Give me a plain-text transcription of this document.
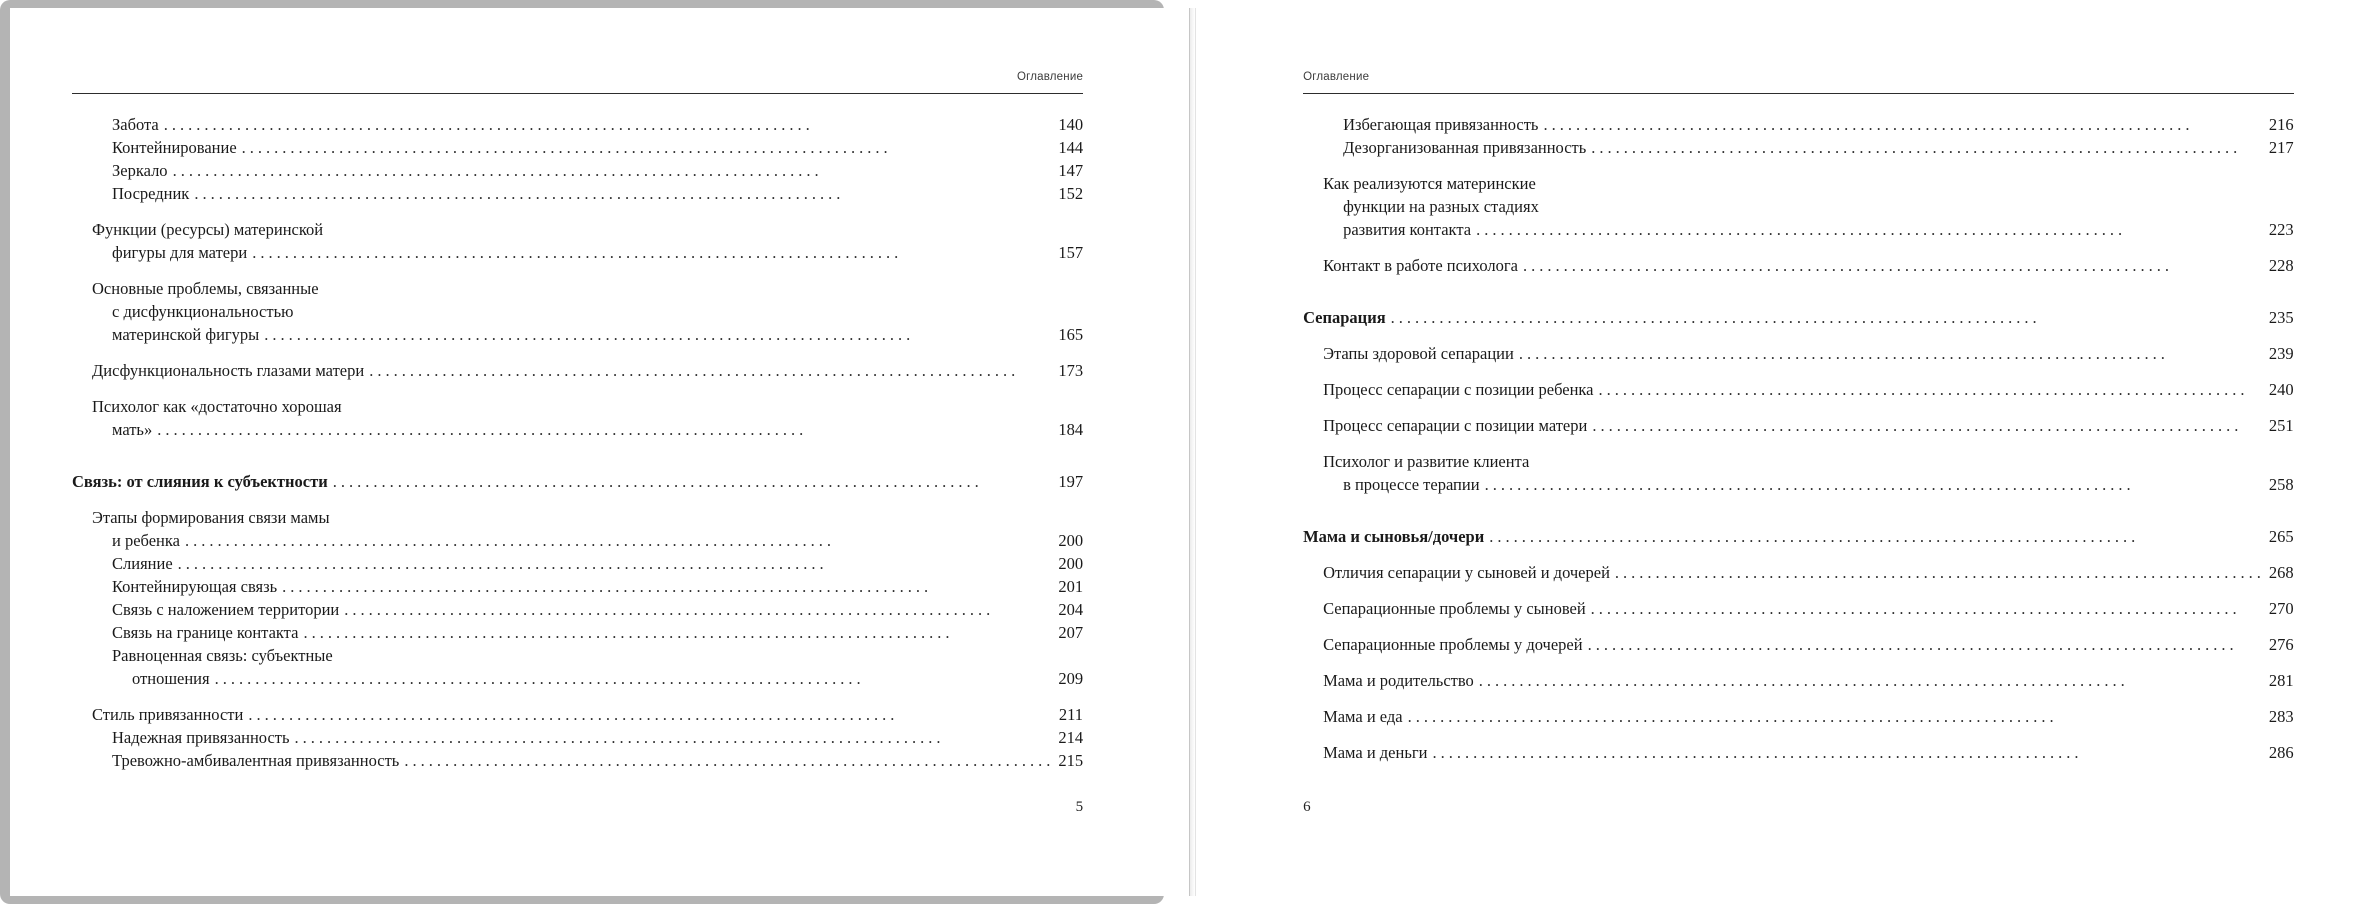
Оглавление
Забота .....	140
Контейнирование .....	144
Зеркало .....	147
Посредник .....	152
Функции (ресурсы) материнской
фигуры для матери .....	157
Основные проблемы, связанные
с дисфункциональностью
материнской фигуры .....	165
Дисфункциональность глазами матери .....	173
Психолог как «достаточно хорошая
мать» .....	184
Связь: от слияния к субъектности .....	197
Этапы формирования связи мамы
и ребенка .....	200
Слияние .....	200
Контейнирующая связь .....	201
Связь с наложением территории .....	204
Связь на границе контакта .....	207
Равноценная связь: субъектные
отношения .....	209
Стиль привязанности .....	211
Надежная привязанность .....	214
Тревожно-амбивалентная привязанность .....	215
5
Оглавление
Избегающая привязанность .....	216
Дезорганизованная привязанность .....	217
Как реализуются материнские
функции на разных стадиях
развития контакта .....	223
Контакт в работе психолога .....	228
Сепарация .....	235
Этапы здоровой сепарации .....	239
Процесс сепарации с позиции ребенка .....	240
Процесс сепарации с позиции матери .....	251
Психолог и развитие клиента
в процессе терапии .....	258
Мама и сыновья/дочери .....	265
Отличия сепарации у сыновей и дочерей .....	268
Сепарационные проблемы у сыновей .....	270
Сепарационные проблемы у дочерей .....	276
Мама и родительство .....	281
Мама и еда .....	283
Мама и деньги .....	286
6
